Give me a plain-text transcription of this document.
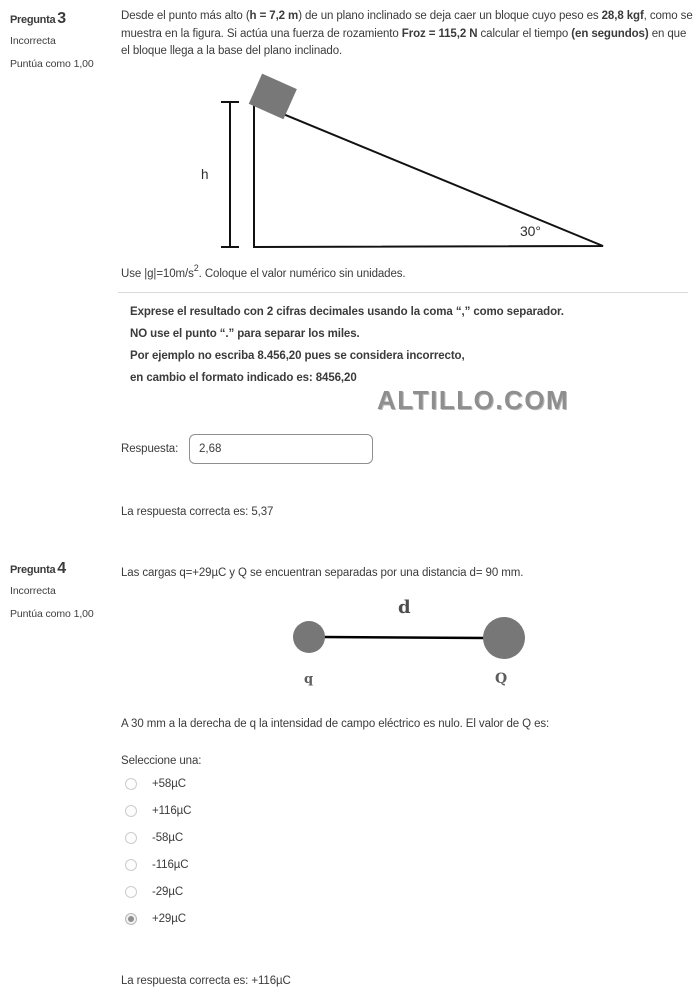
Pregunta 3
Incorrecta
Puntúa como 1,00
Desde el punto más alto (h = 7,2 m) de un plano inclinado se deja caer un bloque cuyo peso es 28,8 kgf, como se muestra en la figura. Si actúa una fuerza de rozamiento Froz = 115,2 N calcular el tiempo (en segundos) en que el bloque llega a la base del plano inclinado.
h
30°
Use $|g|=10m/s^2$. Coloque el valor numérico sin unidades.
Exprese el resultado con 2 cifras decimales usando la coma “,” como separador.
NO use el punto “.” para separar los miles.
Por ejemplo no escriba 8.456,20 pues se considera incorrecto,
en cambio el formato indicado es: 8456,20
ALTILLO.COM
Respuesta:
2,68
La respuesta correcta es: 5,37
Pregunta 4
Incorrecta
Puntúa como 1,00
Las cargas q=+29µC y Q se encuentran separadas por una distancia d= 90 mm.
d
q	Q
A 30 mm a la derecha de q la intensidad de campo eléctrico es nulo. El valor de Q es:
Seleccione una:
+58µC
+116µC
-58µC
-116µC
-29µC
+29µC
La respuesta correcta es: +116µC
